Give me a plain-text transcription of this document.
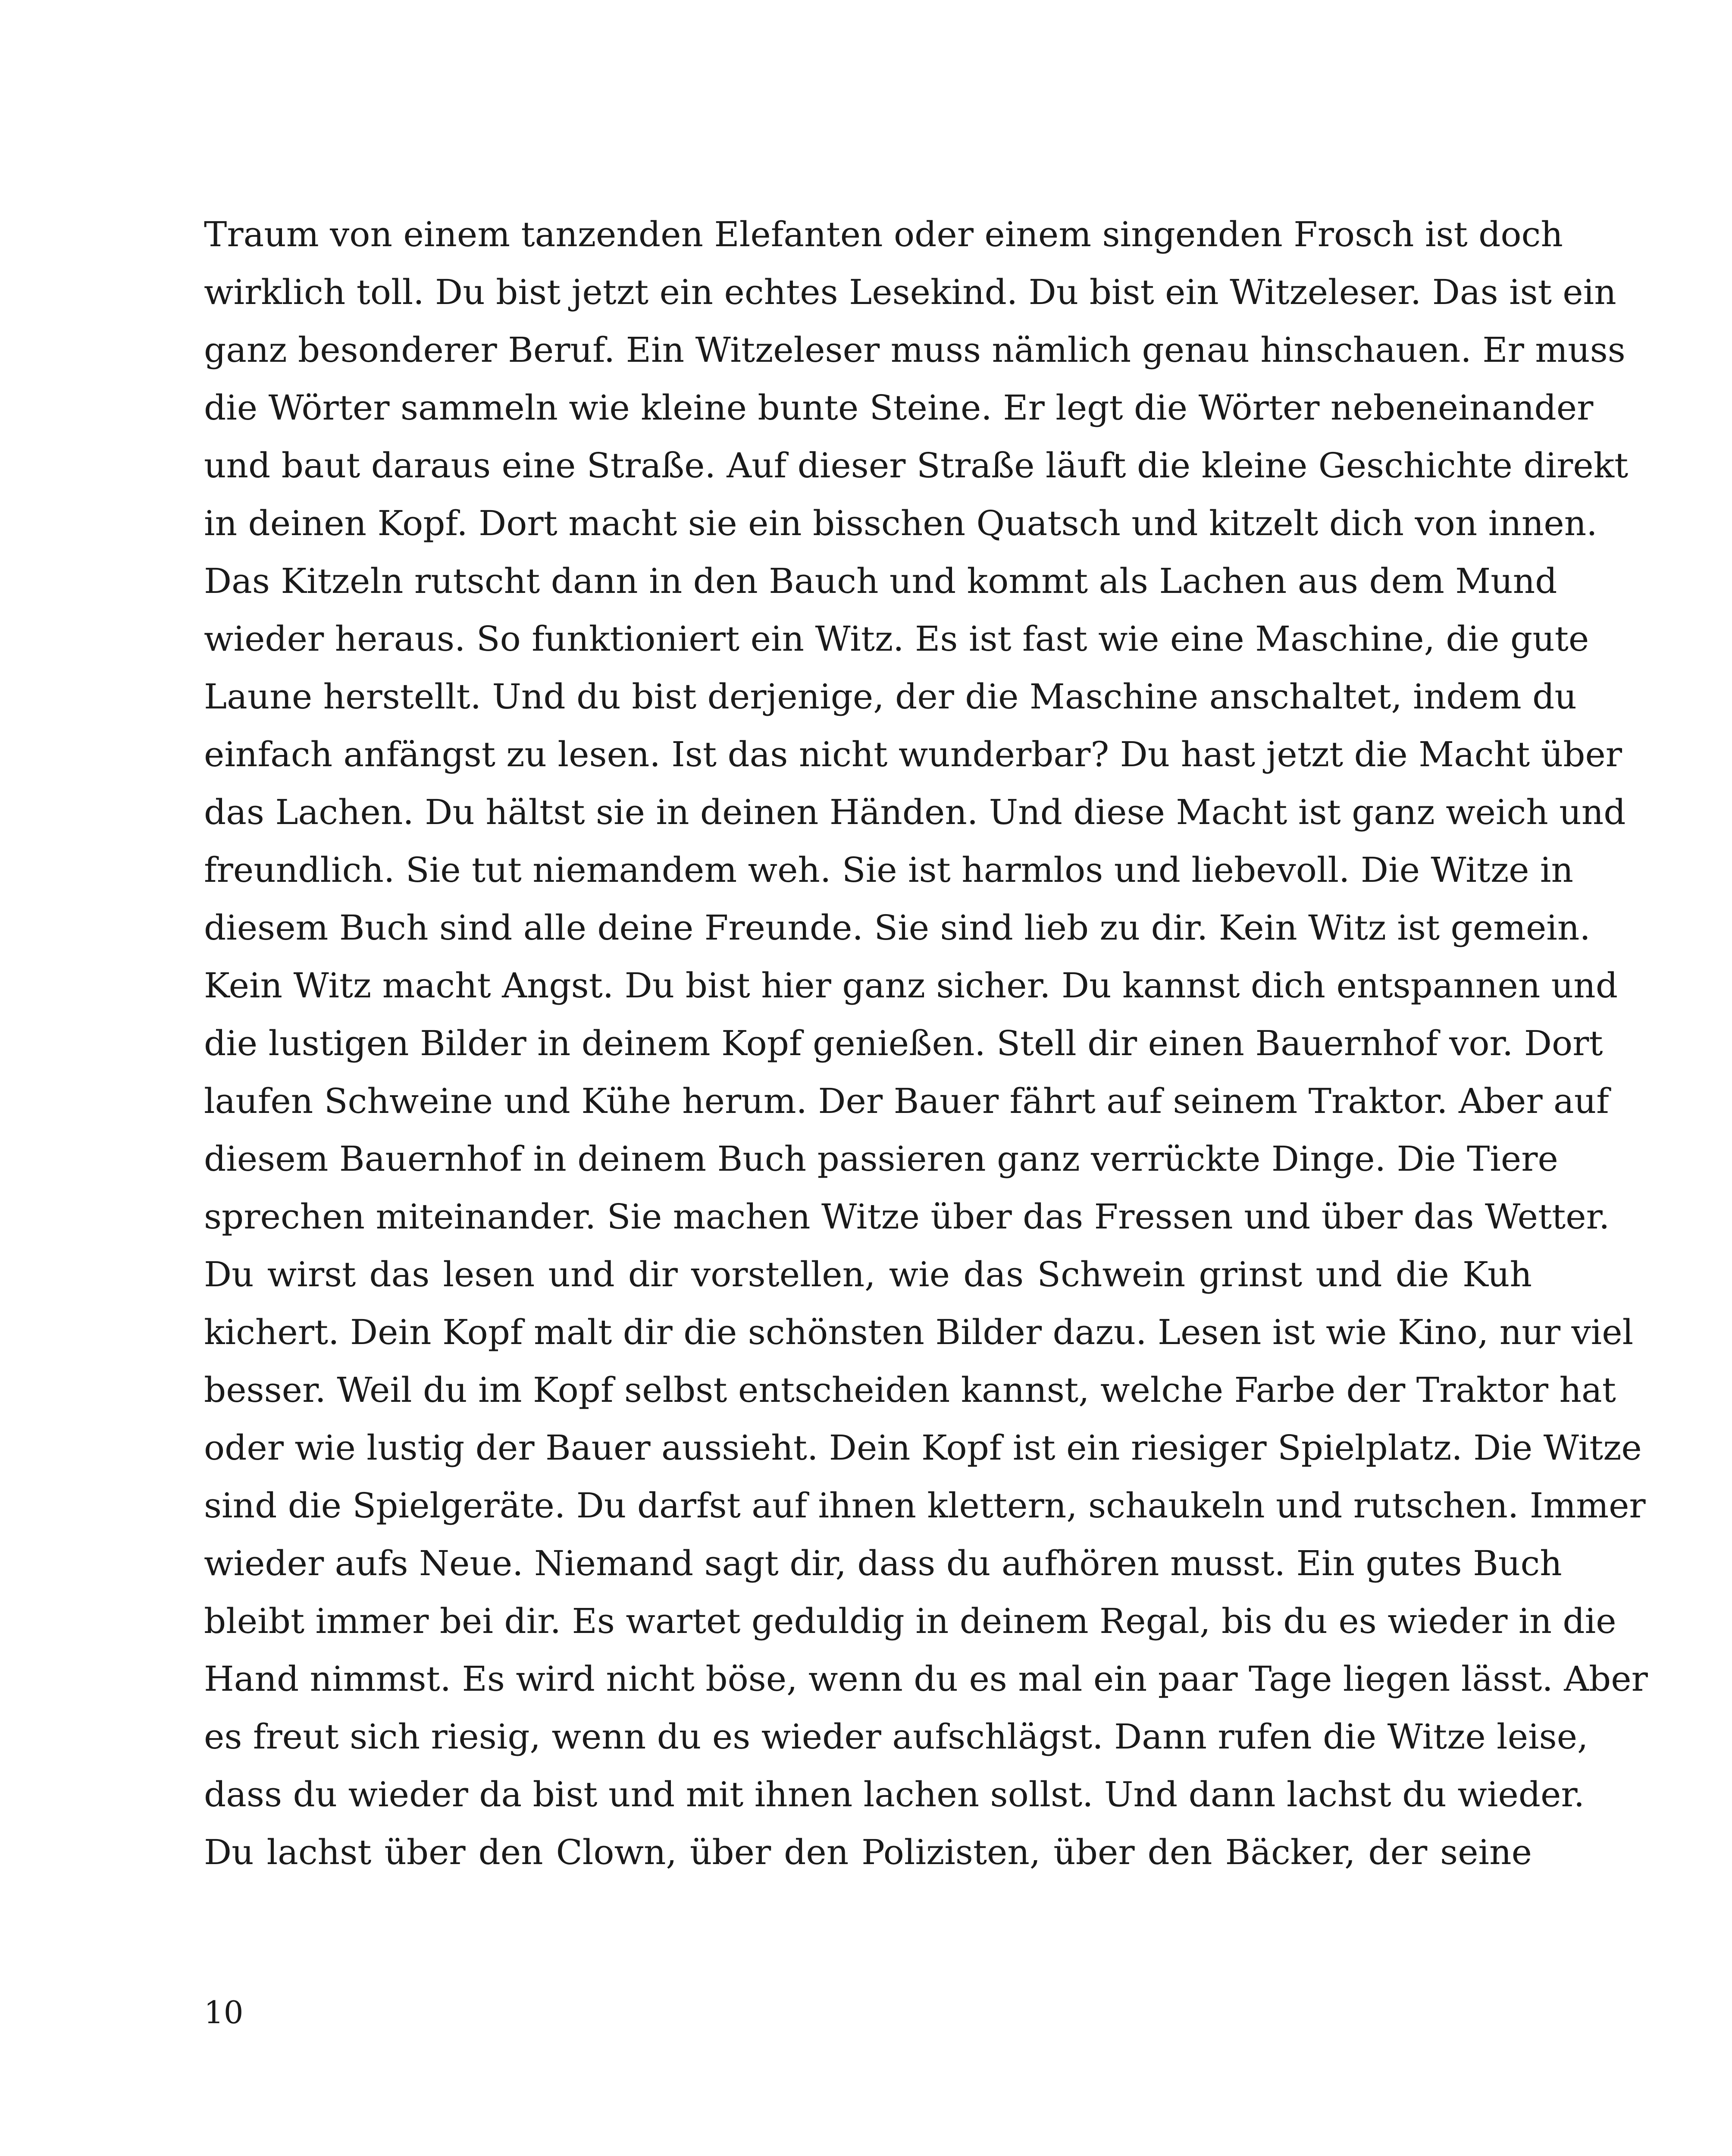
Traum von einem tanzenden Elefanten oder einem singenden Frosch ist doch
wirklich toll. Du bist jetzt ein echtes Lesekind. Du bist ein Witzeleser. Das ist ein
ganz besonderer Beruf. Ein Witzeleser muss nämlich genau hinschauen. Er muss
die Wörter sammeln wie kleine bunte Steine. Er legt die Wörter nebeneinander
und baut daraus eine Straße. Auf dieser Straße läuft die kleine Geschichte direkt
in deinen Kopf. Dort macht sie ein bisschen Quatsch und kitzelt dich von innen.
Das Kitzeln rutscht dann in den Bauch und kommt als Lachen aus dem Mund
wieder heraus. So funktioniert ein Witz. Es ist fast wie eine Maschine, die gute
Laune herstellt. Und du bist derjenige, der die Maschine anschaltet, indem du
einfach anfängst zu lesen. Ist das nicht wunderbar? Du hast jetzt die Macht über
das Lachen. Du hältst sie in deinen Händen. Und diese Macht ist ganz weich und
freundlich. Sie tut niemandem weh. Sie ist harmlos und liebevoll. Die Witze in
diesem Buch sind alle deine Freunde. Sie sind lieb zu dir. Kein Witz ist gemein.
Kein Witz macht Angst. Du bist hier ganz sicher. Du kannst dich entspannen und
die lustigen Bilder in deinem Kopf genießen. Stell dir einen Bauernhof vor. Dort
laufen Schweine und Kühe herum. Der Bauer fährt auf seinem Traktor. Aber auf
diesem Bauernhof in deinem Buch passieren ganz verrückte Dinge. Die Tiere
sprechen miteinander. Sie machen Witze über das Fressen und über das Wetter.
Du wirst das lesen und dir vorstellen, wie das Schwein grinst und die Kuh
kichert. Dein Kopf malt dir die schönsten Bilder dazu. Lesen ist wie Kino, nur viel
besser. Weil du im Kopf selbst entscheiden kannst, welche Farbe der Traktor hat
oder wie lustig der Bauer aussieht. Dein Kopf ist ein riesiger Spielplatz. Die Witze
sind die Spielgeräte. Du darfst auf ihnen klettern, schaukeln und rutschen. Immer
wieder aufs Neue. Niemand sagt dir, dass du aufhören musst. Ein gutes Buch
bleibt immer bei dir. Es wartet geduldig in deinem Regal, bis du es wieder in die
Hand nimmst. Es wird nicht böse, wenn du es mal ein paar Tage liegen lässt. Aber
es freut sich riesig, wenn du es wieder aufschlägst. Dann rufen die Witze leise,
dass du wieder da bist und mit ihnen lachen sollst. Und dann lachst du wieder.
Du lachst über den Clown, über den Polizisten, über den Bäcker, der seine
10
